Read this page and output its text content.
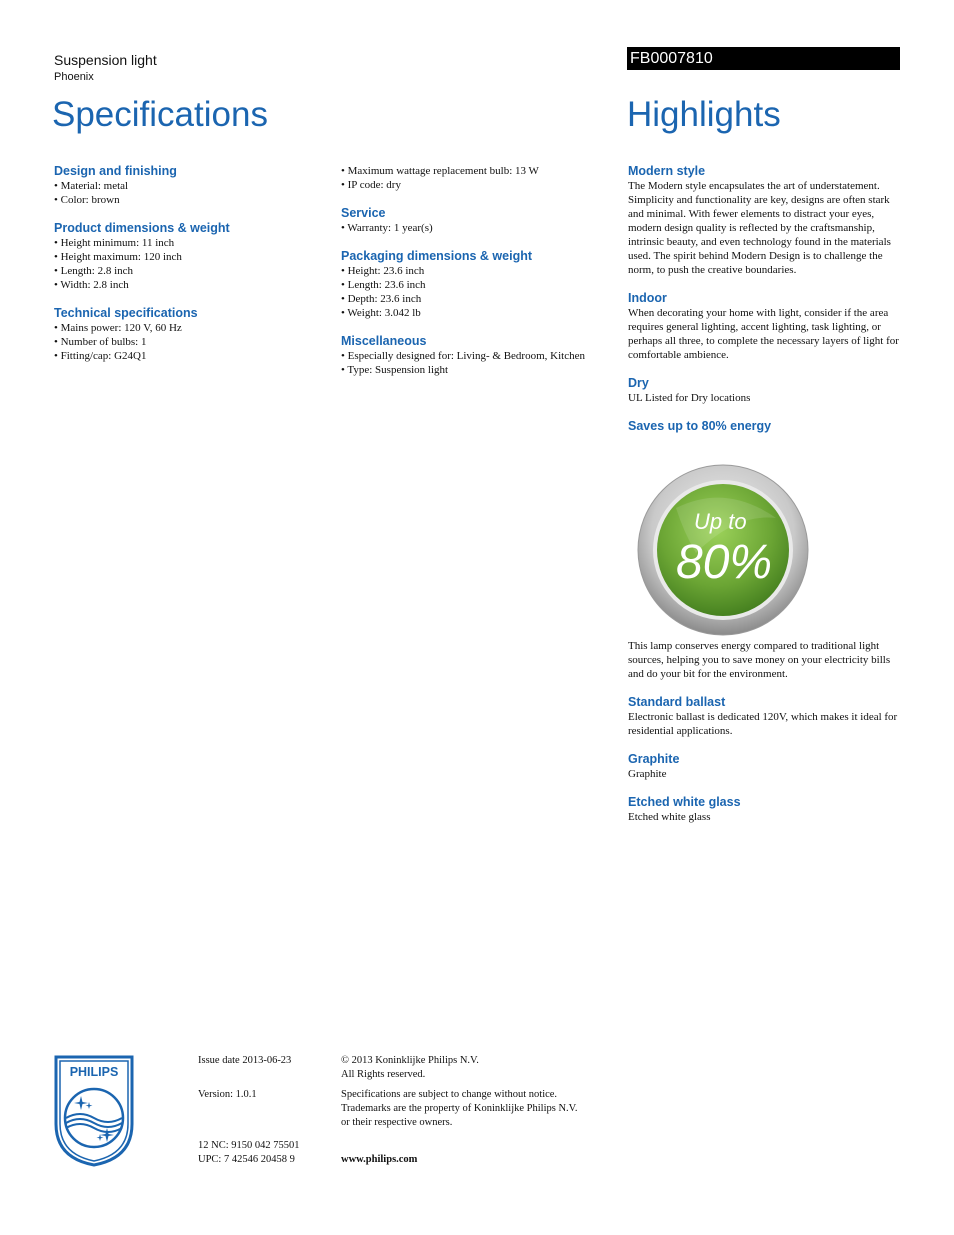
Suspension light
Phoenix
FB0007810
Specifications	Highlights
Design and finishing
• Material: metal
• Color: brown
Product dimensions & weight
• Height minimum: 11 inch
• Height maximum: 120 inch
• Length: 2.8 inch
• Width: 2.8 inch
Technical specifications
• Mains power: 120 V, 60 Hz
• Number of bulbs: 1
• Fitting/cap: G24Q1
• Maximum wattage replacement bulb: 13 W
• IP code: dry
Service
• Warranty: 1 year(s)
Packaging dimensions & weight
• Height: 23.6 inch
• Length: 23.6 inch
• Depth: 23.6 inch
• Weight: 3.042 lb
Miscellaneous
• Especially designed for: Living- & Bedroom, Kitchen
• Type: Suspension light
Modern style

The Modern style encapsulates the art of understatement. Simplicity and functionality are key, designs are often stark and minimal. With fewer elements to distract your eyes, modern design quality is reflected by the craftsmanship, intrinsic beauty, and even technology found in the materials used. The spirit behind Modern Design is to challenge the norm, to push the creative boundaries.

Indoor

When decorating your home with light, consider if the area requires general lighting, accent lighting, task lighting, or perhaps all three, to complete the necessary layers of light for comfortable ambience.

Dry

UL Listed for Dry locations

Saves up to 80% energy

This lamp conserves energy compared to traditional light sources, helping you to save money on your electricity bills and do your bit for the environment.

Standard ballast

Electronic ballast is dedicated 120V, which makes it ideal for residential applications.

Graphite

Graphite

Etched white glass

Etched white glass

Up to
80%
PHILIPS
Issue date 2013-06-23
Version: 1.0.1
12 NC: 9150 042 75501
UPC: 7 42546 20458 9
© 2013 Koninklijke Philips N.V.
All Rights reserved.
Specifications are subject to change without notice.
Trademarks are the property of Koninklijke Philips N.V.
or their respective owners.
www.philips.com
